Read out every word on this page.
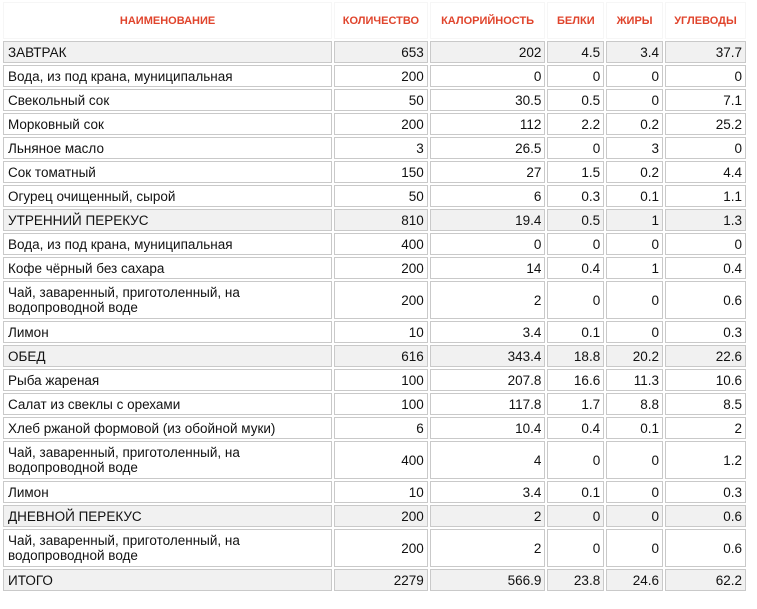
НАИМЕНОВАНИЕ	КОЛИЧЕСТВО	КАЛОРИЙНОСТЬ	БЕЛКИ	ЖИРЫ	УГЛЕВОДЫ
ЗАВТРАК	653	202	4.5	3.4	37.7
Вода, из под крана, муниципальная	200	0	0	0	0
Свекольный сок	50	30.5	0.5	0	7.1
Морковный сок	200	112	2.2	0.2	25.2
Льняное масло	3	26.5	0	3	0
Сок томатный	150	27	1.5	0.2	4.4
Огурец очищенный, сырой	50	6	0.3	0.1	1.1
УТРЕННИЙ ПЕРЕКУС	810	19.4	0.5	1	1.3
Вода, из под крана, муниципальная	400	0	0	0	0
Кофе чёрный без сахара	200	14	0.4	1	0.4
Чай, заваренный, приготоленный, на водопроводной воде	200	2	0	0	0.6
Лимон	10	3.4	0.1	0	0.3
ОБЕД	616	343.4	18.8	20.2	22.6
Рыба жареная	100	207.8	16.6	11.3	10.6
Салат из свеклы с орехами	100	117.8	1.7	8.8	8.5
Хлеб ржаной формовой (из обойной муки)	6	10.4	0.4	0.1	2
Чай, заваренный, приготоленный, на водопроводной воде	400	4	0	0	1.2
Лимон	10	3.4	0.1	0	0.3
ДНЕВНОЙ ПЕРЕКУС	200	2	0	0	0.6
Чай, заваренный, приготоленный, на водопроводной воде	200	2	0	0	0.6
ИТОГО	2279	566.9	23.8	24.6	62.2
